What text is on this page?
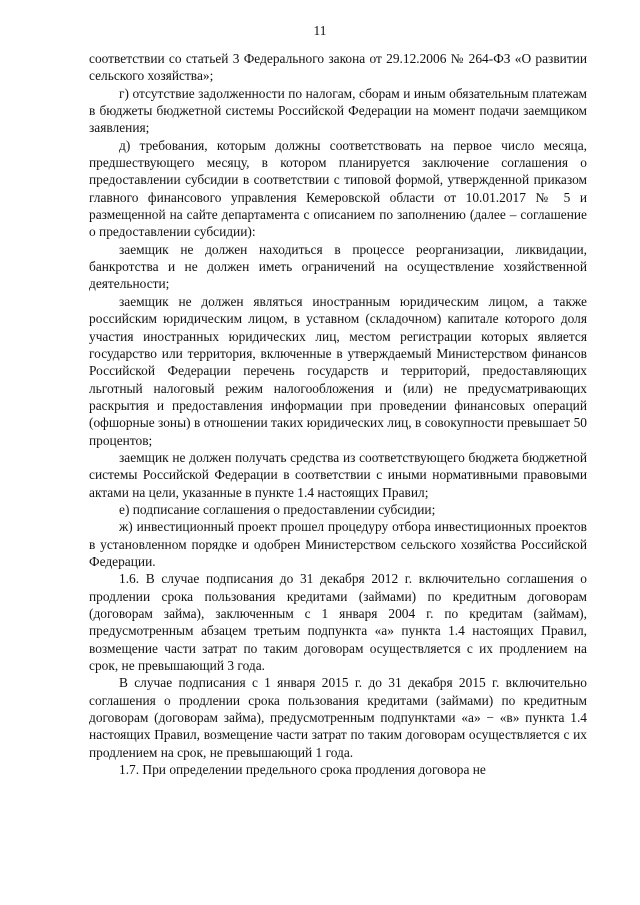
11

соответствии со статьей 3 Федерального закона от 29.12.2006 № 264-ФЗ «О развитии сельского хозяйства»;

г) отсутствие задолженности по налогам, сборам и иным обязательным платежам в бюджеты бюджетной системы Российской Федерации на момент подачи заемщиком заявления;

д) требования, которым должны соответствовать на первое число месяца, предшествующего месяцу, в котором планируется заключение соглашения о предоставлении субсидии в соответствии с типовой формой, утвержденной приказом главного финансового управления Кемеровской области от 10.01.2017 № 5 и размещенной на сайте департамента с описанием по заполнению (далее – соглашение о предоставлении субсидии):

заемщик не должен находиться в процессе реорганизации, ликвидации, банкротства и не должен иметь ограничений на осуществление хозяйственной деятельности;

заемщик не должен являться иностранным юридическим лицом, а также российским юридическим лицом, в уставном (складочном) капитале которого доля участия иностранных юридических лиц, местом регистрации которых является государство или территория, включенные в утверждаемый Министерством финансов Российской Федерации перечень государств и территорий, предоставляющих льготный налоговый режим налогообложения и (или) не предусматривающих раскрытия и предоставления информации при проведении финансовых операций (офшорные зоны) в отношении таких юридических лиц, в совокупности превышает 50 процентов;

заемщик не должен получать средства из соответствующего бюджета бюджетной системы Российской Федерации в соответствии с иными нормативными правовыми актами на цели, указанные в пункте 1.4 настоящих Правил;

е) подписание соглашения о предоставлении субсидии;

ж) инвестиционный проект прошел процедуру отбора инвестиционных проектов в установленном порядке и одобрен Министерством сельского хозяйства Российской Федерации.

1.6. В случае подписания до 31 декабря 2012 г. включительно соглашения о продлении срока пользования кредитами (займами) по кредитным договорам (договорам займа), заключенным с 1 января 2004 г. по кредитам (займам), предусмотренным абзацем третьим подпункта «а» пункта 1.4 настоящих Правил, возмещение части затрат по таким договорам осуществляется с их продлением на срок, не превышающий 3 года.

В случае подписания с 1 января 2015 г. до 31 декабря 2015 г. включительно соглашения о продлении срока пользования кредитами (займами) по кредитным договорам (договорам займа), предусмотренным подпунктами «а» − «в» пункта 1.4 настоящих Правил, возмещение части затрат по таким договорам осуществляется с их продлением на срок, не превышающий 1 года.

1.7. При определении предельного срока продления договора не
